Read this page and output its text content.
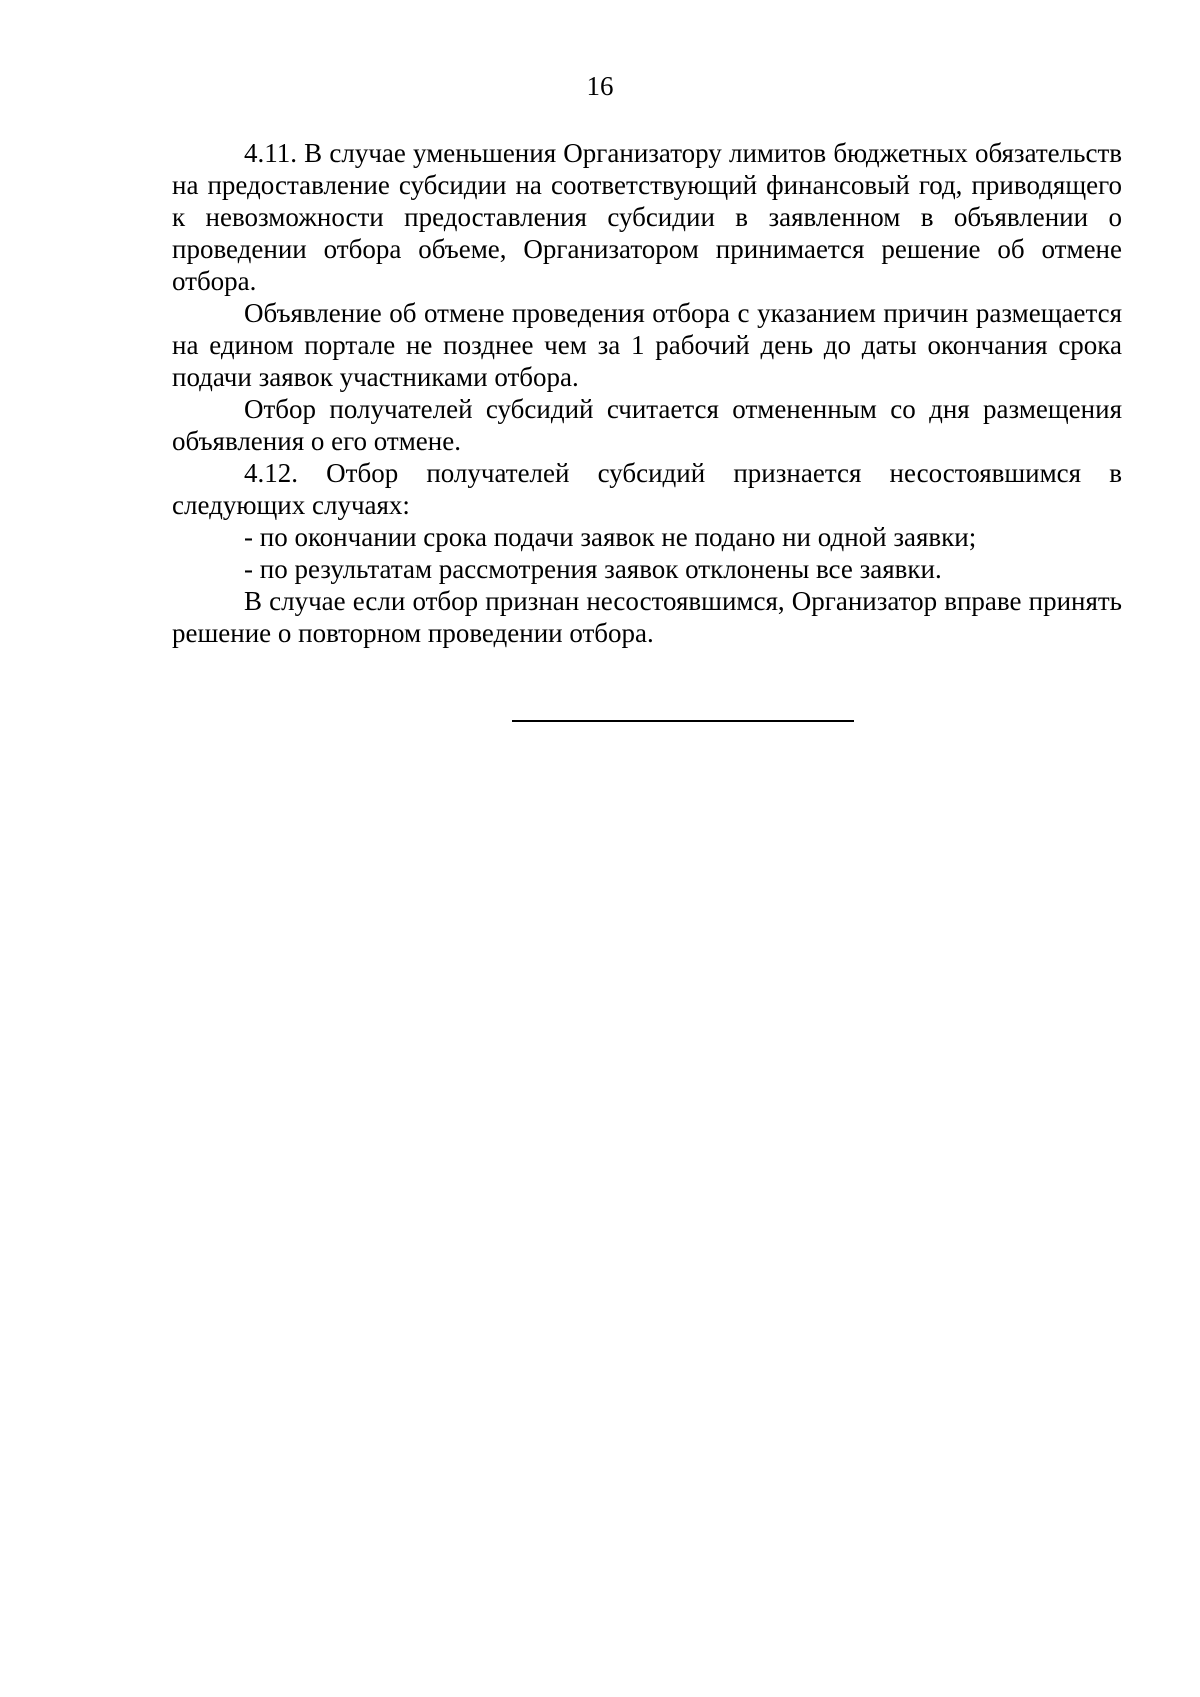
16

4.11. В случае уменьшения Организатору лимитов бюджетных обязательств на предоставление субсидии на соответствующий финансовый год, приводящего к невозможности предоставления субсидии в заявленном в объявлении о проведении отбора объеме, Организатором принимается решение об отмене отбора.

Объявление об отмене проведения отбора с указанием причин размещается на едином портале не позднее чем за 1 рабочий день до даты окончания срока подачи заявок участниками отбора.

Отбор получателей субсидий считается отмененным со дня размещения объявления о его отмене.

4.12. Отбор получателей субсидий признается несостоявшимся в следующих случаях:

- по окончании срока подачи заявок не подано ни одной заявки;

- по результатам рассмотрения заявок отклонены все заявки.

В случае если отбор признан несостоявшимся, Организатор вправе принять решение о повторном проведении отбора.
